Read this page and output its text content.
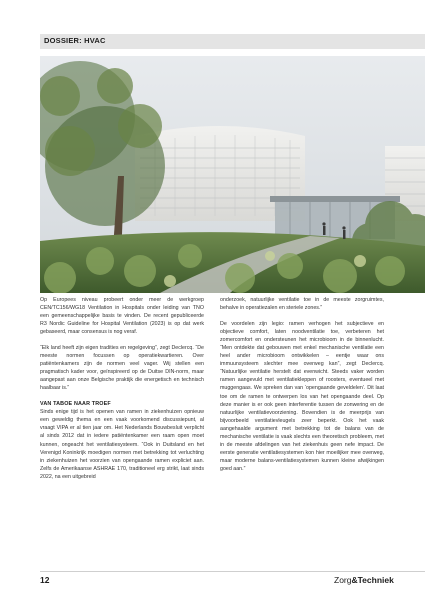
DOSSIER: HVAC

Op Europees niveau probeert onder meer de werkgroep CEN/TC156/WG18 Ventilation in Hospitals onder leiding van TNO een gemeenschappelijke basis te vinden. De recent gepubliceerde R3 Nordic Guideline for Hospital Ventilation (2023) is op dat werk gebaseerd, maar consensus is nog veraf.

“Elk land heeft zijn eigen tradities en regelgeving”, zegt Declercq. “De meeste normen focussen op operatiekwartieren. Over patiëntenkamers zijn de normen veel vager. Wij stellen een pragmatisch kader voor, geïnspireerd op de Duitse DIN-norm, maar aangepast aan onze Belgische praktijk die energetisch en technisch haalbaar is.”

VAN TABOE NAAR TROEF

Sinds enige tijd is het openen van ramen in ziekenhuizen opnieuw een geweldig thema en een vaak voorkomend discussiepunt, al vraagt VIPA er al tien jaar om. Het Nederlands Bouwbesluit verplicht al sinds 2012 dat in iedere patiëntenkamer een raam open moet kunnen, ongeacht het ventilatiesysteem. “Ook in Duitsland en het Verenigd Koninkrijk moedigen normen met betrekking tot verluchting in ziekenhuizen het voorzien van opengaande ramen expliciet aan. Zelfs de Amerikaanse ASHRAE 170, traditioneel erg strikt, laat sinds 2022, na een uitgebreid

onderzoek, natuurlijke ventilatie toe in de meeste zorgruimtes, behalve in operatiezalen en steriele zones.”

De voordelen zijn legio: ramen verhogen het subjectieve en objectieve comfort, laten noodventilatie toe, verbeteren het zomercomfort en ondersteunen het microbioom in de binnenlucht. “Men ontdekte dat gebouwen met enkel mechanische ventilatie een heel ander microbioom ontwikkelen – eentje waar ons immuunsysteem slechter mee overweg kan”, zegt Declercq. “Natuurlijke ventilatie herstelt dat evenwicht. Steeds vaker worden ramen aangevuld met ventilatiekleppen of roosters, eventueel met muggengaas. We spreken dan van ‘opengaande geveldelen’. Dit laat toe om de ramen te ontwerpen los van het opengaande deel. Op deze manier is er ook geen interferentie tussen de zonwering en de natuurlijke ventilatievoorziening. Bovendien is de meerprijs van bijvoorbeeld ventilatievleugels zeer beperkt. Ook het vaak aangehaalde argument met betrekking tot de balans van de mechanische ventilatie is vaak slechts een theoretisch probleem, met in de meeste afdelingen van het ziekenhuis geen nefe impact. De eerste generatie ventilatiesystemen kon hier moeilijker mee overweg, maar moderne balans-ventilatiesystemen kunnen kleine afwijkingen goed aan.”

12	Zorg&Techniek
